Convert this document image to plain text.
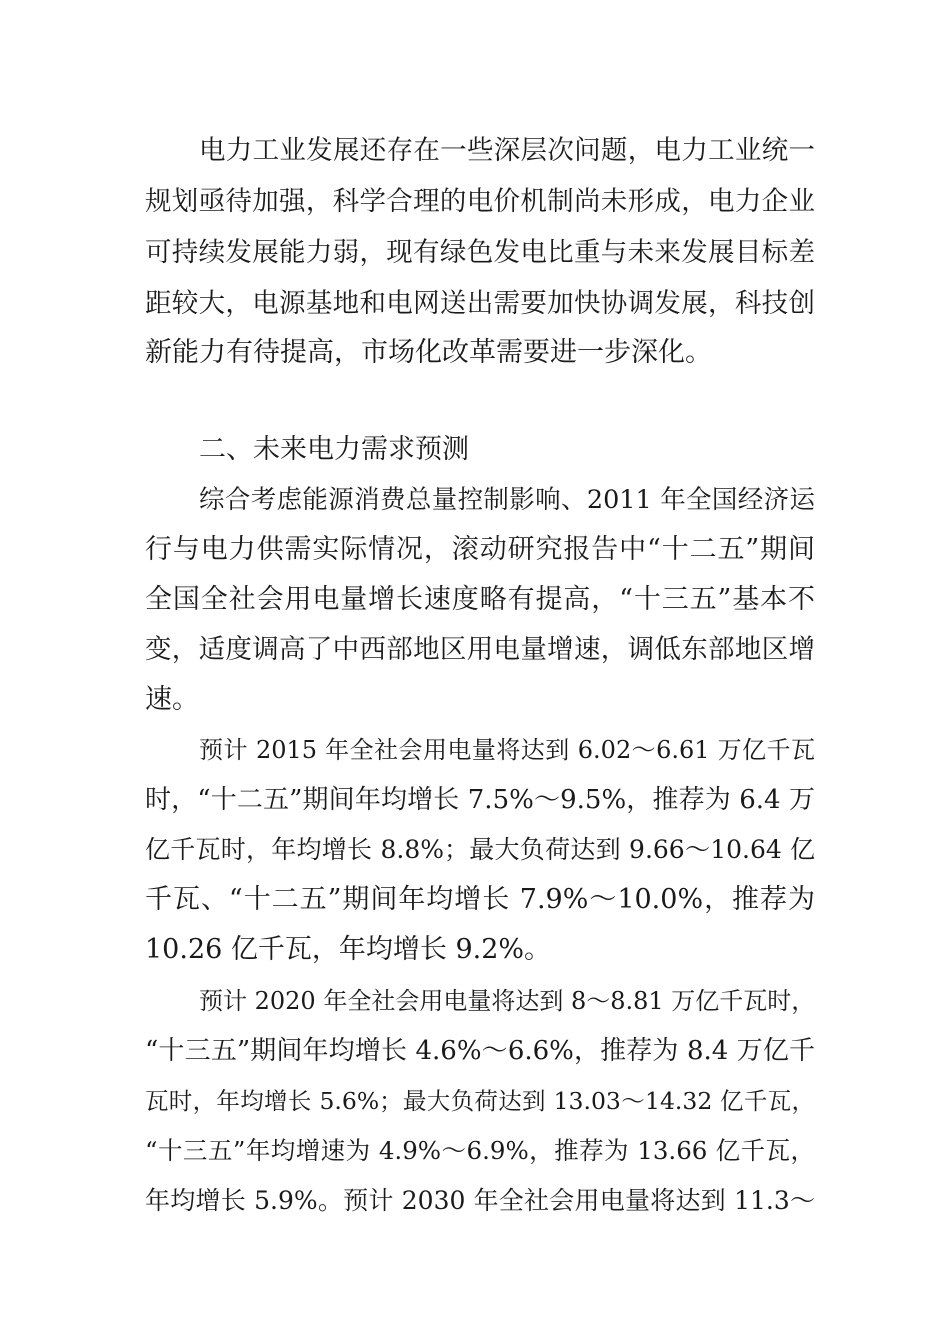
电力工业发展还存在一些深层次问题，电力工业统一
规划亟待加强，科学合理的电价机制尚未形成，电力企业
可持续发展能力弱，现有绿色发电比重与未来发展目标差
距较大，电源基地和电网送出需要加快协调发展，科技创
新能力有待提高，市场化改革需要进一步深化。
二、未来电力需求预测
综合考虑能源消费总量控制影响、2011 年全国经济运
行与电力供需实际情况，滚动研究报告中“十二五”期间
全国全社会用电量增长速度略有提高，“十三五”基本不
变，适度调高了中西部地区用电量增速，调低东部地区增
速。
预计 2015 年全社会用电量将达到 6.02～6.61 万亿千瓦
时，“十二五”期间年均增长 7.5%～9.5%，推荐为 6.4 万
亿千瓦时，年均增长 8.8%；最大负荷达到 9.66～10.64 亿
千瓦、“十二五”期间年均增长 7.9%～10.0%，推荐为
10.26 亿千瓦，年均增长 9.2%。
预计 2020 年全社会用电量将达到 8～8.81 万亿千瓦时，
“十三五”期间年均增长 4.6%～6.6%，推荐为 8.4 万亿千
瓦时，年均增长 5.6%；最大负荷达到 13.03～14.32 亿千瓦，
“十三五”年均增速为 4.9%～6.9%，推荐为 13.66 亿千瓦，
年均增长 5.9%。预计 2030 年全社会用电量将达到 11.3～
